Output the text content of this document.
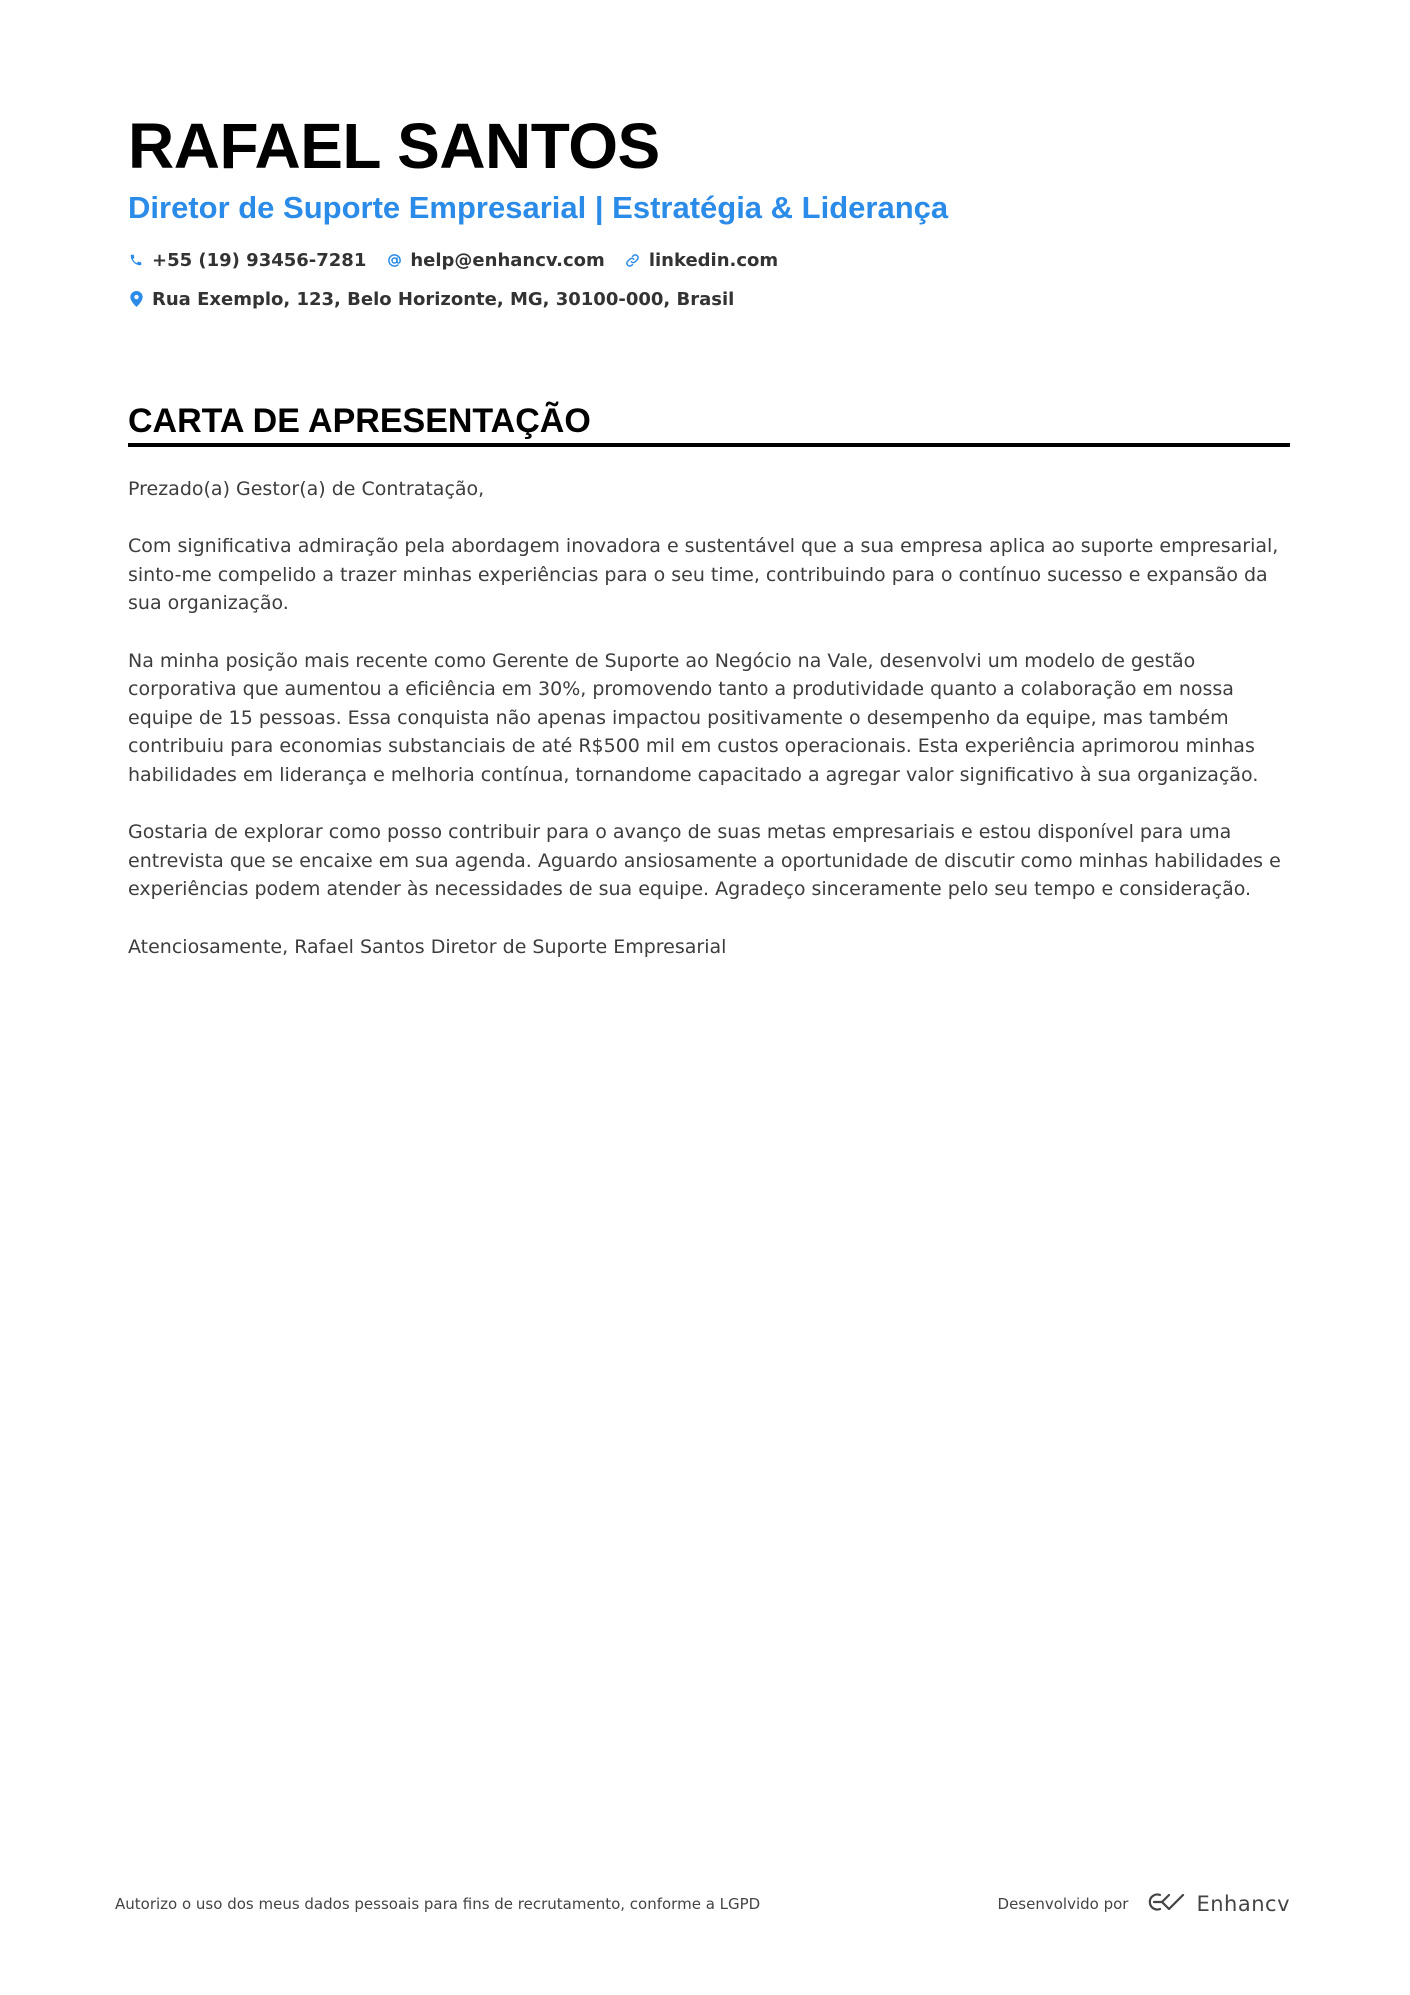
RAFAEL SANTOS
Diretor de Suporte Empresarial | Estratégia & Liderança
+55 (19) 93456-7281 help@enhancv.com linkedin.com
Rua Exemplo, 123, Belo Horizonte, MG, 30100-000, Brasil
CARTA DE APRESENTAÇÃO

Prezado(a) Gestor(a) de Contratação,

Com significativa admiração pela abordagem inovadora e sustentável que a sua empresa aplica ao suporte empresarial, sinto-me compelido a trazer minhas experiências para o seu time, contribuindo para o contínuo sucesso e expansão da sua organização.

Na minha posição mais recente como Gerente de Suporte ao Negócio na Vale, desenvolvi um modelo de gestão corporativa que aumentou a eficiência em 30%, promovendo tanto a produtividade quanto a colaboração em nossa equipe de 15 pessoas. Essa conquista não apenas impactou positivamente o desempenho da equipe, mas também contribuiu para economias substanciais de até R$500 mil em custos operacionais. Esta experiência aprimorou minhas habilidades em liderança e melhoria contínua, tornandome capacitado a agregar valor significativo à sua organização.

Gostaria de explorar como posso contribuir para o avanço de suas metas empresariais e estou disponível para uma entrevista que se encaixe em sua agenda. Aguardo ansiosamente a oportunidade de discutir como minhas habilidades e experiências podem atender às necessidades de sua equipe. Agradeço sinceramente pelo seu tempo e consideração.

Atenciosamente, Rafael Santos Diretor de Suporte Empresarial

Autorizo o uso dos meus dados pessoais para fins de recrutamento, conforme a LGPD	Desenvolvido por	Enhancv
